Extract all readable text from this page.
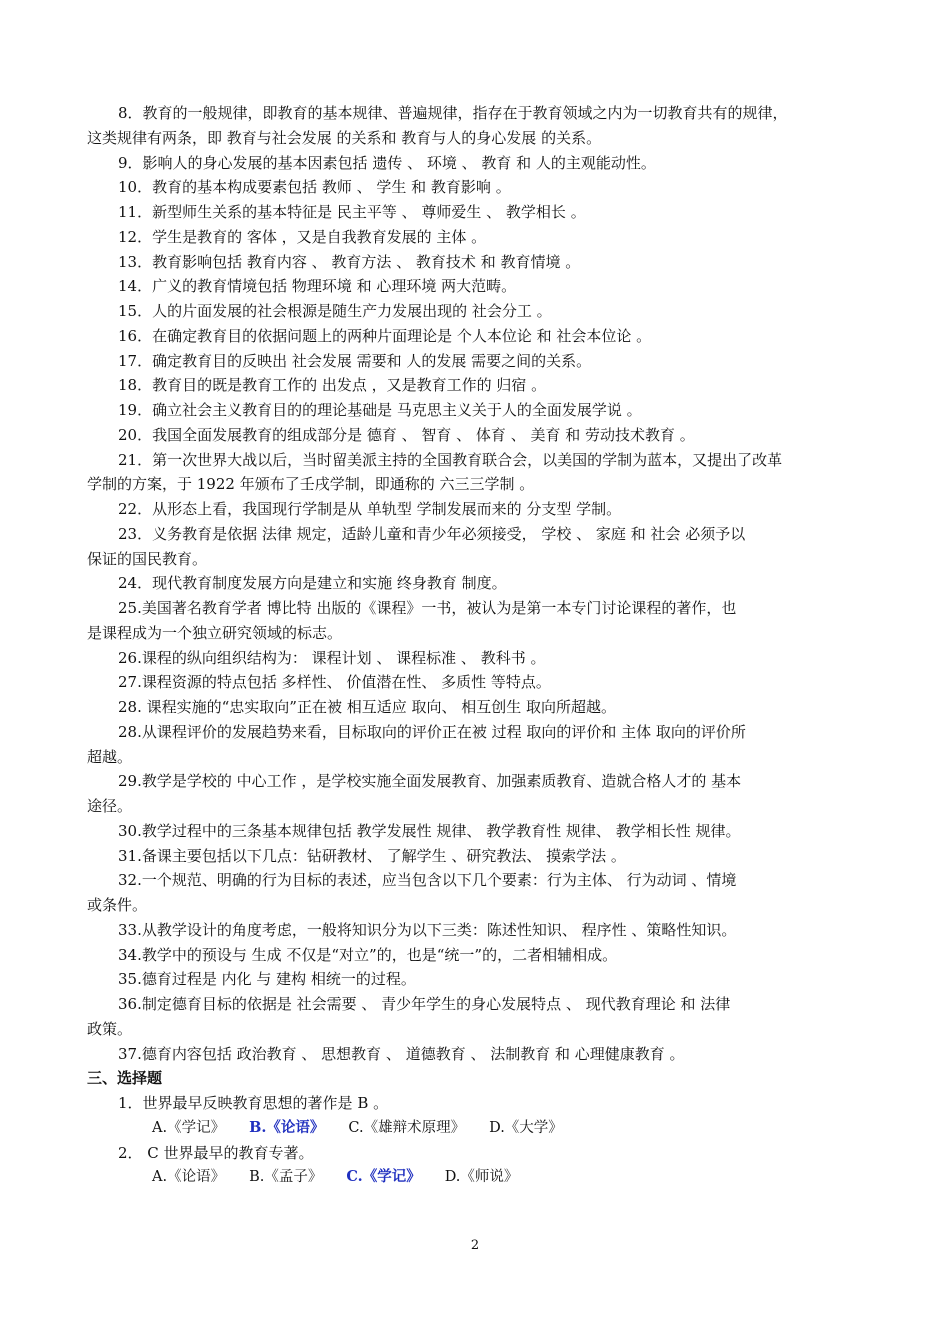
8．教育的一般规律，即教育的基本规律、普遍规律，指存在于教育领域之内为一切教育共有的规律，
这类规律有两条，即 教育与社会发展 的关系和 教育与人的身心发展 的关系。
9．影响人的身心发展的基本因素包括 遗传 、 环境 、 教育 和 人的主观能动性。
10．教育的基本构成要素包括 教师 、 学生 和 教育影响 。
11．新型师生关系的基本特征是 民主平等 、 尊师爱生 、 教学相长 。
12．学生是教育的 客体 ，又是自我教育发展的 主体 。
13．教育影响包括 教育内容 、 教育方法 、 教育技术 和 教育情境 。
14．广义的教育情境包括 物理环境 和 心理环境 两大范畴。
15．人的片面发展的社会根源是随生产力发展出现的 社会分工 。
16．在确定教育目的依据问题上的两种片面理论是 个人本位论 和 社会本位论 。
17．确定教育目的反映出 社会发展 需要和 人的发展 需要之间的关系。
18．教育目的既是教育工作的 出发点 ，又是教育工作的 归宿 。
19．确立社会主义教育目的的理论基础是 马克思主义关于人的全面发展学说 。
20．我国全面发展教育的组成部分是 德育 、 智育 、 体育 、 美育 和 劳动技术教育 。
21．第一次世界大战以后，当时留美派主持的全国教育联合会，以美国的学制为蓝本，又提出了改革
学制的方案，于 1922 年颁布了壬戌学制，即通称的 六三三学制 。
22．从形态上看，我国现行学制是从 单轨型 学制发展而来的 分支型 学制。
23．义务教育是依据 法律 规定，适龄儿童和青少年必须接受， 学校 、 家庭 和 社会 必须予以
保证的国民教育。
24．现代教育制度发展方向是建立和实施 终身教育 制度。
25.美国著名教育学者 博比特 出版的《课程》一书，被认为是第一本专门讨论课程的著作，也
是课程成为一个独立研究领域的标志。
26.课程的纵向组织结构为： 课程计划 、 课程标准 、 教科书 。
27.课程资源的特点包括 多样性、 价值潜在性、 多质性 等特点。
28. 课程实施的“忠实取向”正在被 相互适应 取向、 相互创生 取向所超越。
28.从课程评价的发展趋势来看，目标取向的评价正在被 过程 取向的评价和 主体 取向的评价所
超越。
29.教学是学校的 中心工作 ，是学校实施全面发展教育、加强素质教育、造就合格人才的 基本
途径。
30.教学过程中的三条基本规律包括 教学发展性 规律、 教学教育性 规律、 教学相长性 规律。
31.备课主要包括以下几点：钻研教材、 了解学生 、研究教法、 摸索学法 。
32.一个规范、明确的行为目标的表述，应当包含以下几个要素：行为主体、 行为动词 、情境
或条件。
33.从教学设计的角度考虑，一般将知识分为以下三类：陈述性知识、 程序性 、策略性知识。
34.教学中的预设与 生成 不仅是“对立”的，也是“统一”的，二者相辅相成。
35.德育过程是 内化 与 建构 相统一的过程。
36.制定德育目标的依据是 社会需要 、 青少年学生的身心发展特点 、 现代教育理论 和 法律
政策。
37.德育内容包括 政治教育 、 思想教育 、 道德教育 、 法制教育 和 心理健康教育 。
三、选择题
1．世界最早反映教育思想的著作是 B 。
A.《学记》 B.《论语》 C.《雄辩术原理》 D.《大学》
2． C 世界最早的教育专著。
A.《论语》 B.《孟子》 C.《学记》 D.《师说》
2
